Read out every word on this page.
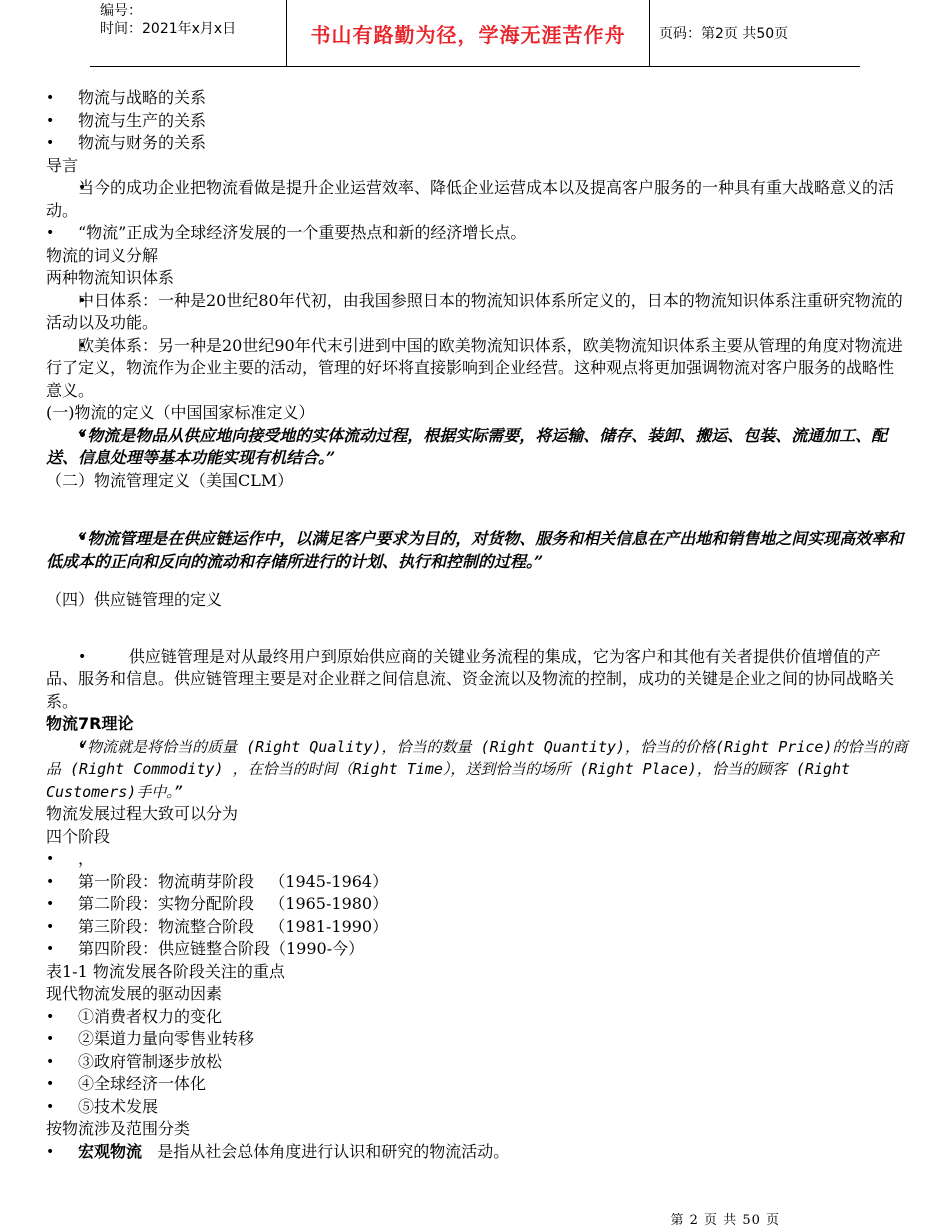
编号：
时间：2021年x月x日	书山有路勤为径，学海无涯苦作舟 页码：第2页 共50页
• 物流与战略的关系
• 物流与生产的关系
• 物流与财务的关系
导言
• 当今的成功企业把物流看做是提升企业运营效率、降低企业运营成本以及提高客户服务的一种具有重大战略意义的活动。
• “物流”正成为全球经济发展的一个重要热点和新的经济增长点。
物流的词义分解
两种物流知识体系
• 中日体系：一种是20世纪80年代初，由我国参照日本的物流知识体系所定义的，日本的物流知识体系注重研究物流的活动以及功能。
• 欧美体系：另一种是20世纪90年代末引进到中国的欧美物流知识体系，欧美物流知识体系主要从管理的角度对物流进行了定义，物流作为企业主要的活动，管理的好坏将直接影响到企业经营。这种观点将更加强调物流对客户服务的战略性意义。
(一)物流的定义（中国国家标准定义）
• “物流是物品从供应地向接受地的实体流动过程，根据实际需要，将运输、储存、装卸、搬运、包装、流通加工、配送、信息处理等基本功能实现有机结合。”
（二）物流管理定义（美国CLM）
• “物流管理是在供应链运作中，以满足客户要求为目的，对货物、服务和相关信息在产出地和销售地之间实现高效率和低成本的正向和反向的流动和存储所进行的计划、执行和控制的过程。”
（四）供应链管理的定义
•           供应链管理是对从最终用户到原始供应商的关键业务流程的集成，它为客户和其他有关者提供价值增值的产品、服务和信息。供应链管理主要是对企业群之间信息流、资金流以及物流的控制，成功的关键是企业之间的协同战略关系。
物流7R理论
• “物流就是将恰当的质量 (Right Quality)，恰当的数量 (Right Quantity)，恰当的价格(Right Price)的恰当的商品 (Right Commodity) ，在恰当的时间（Right Time），送到恰当的场所 (Right Place)，恰当的顾客 (Right Customers)手中。”
物流发展过程大致可以分为
四个阶段
• ，
• 第一阶段：物流萌芽阶段   （1945-1964）
• 第二阶段：实物分配阶段   （1965-1980）
• 第三阶段：物流整合阶段   （1981-1990）
• 第四阶段：供应链整合阶段（1990-今）
表1-1 物流发展各阶段关注的重点
现代物流发展的驱动因素
• ①消费者权力的变化
• ②渠道力量向零售业转移
• ③政府管制逐步放松
• ④全球经济一体化
• ⑤技术发展
按物流涉及范围分类
• 宏观物流   是指从社会总体角度进行认识和研究的物流活动。
第 2 页 共 50 页
